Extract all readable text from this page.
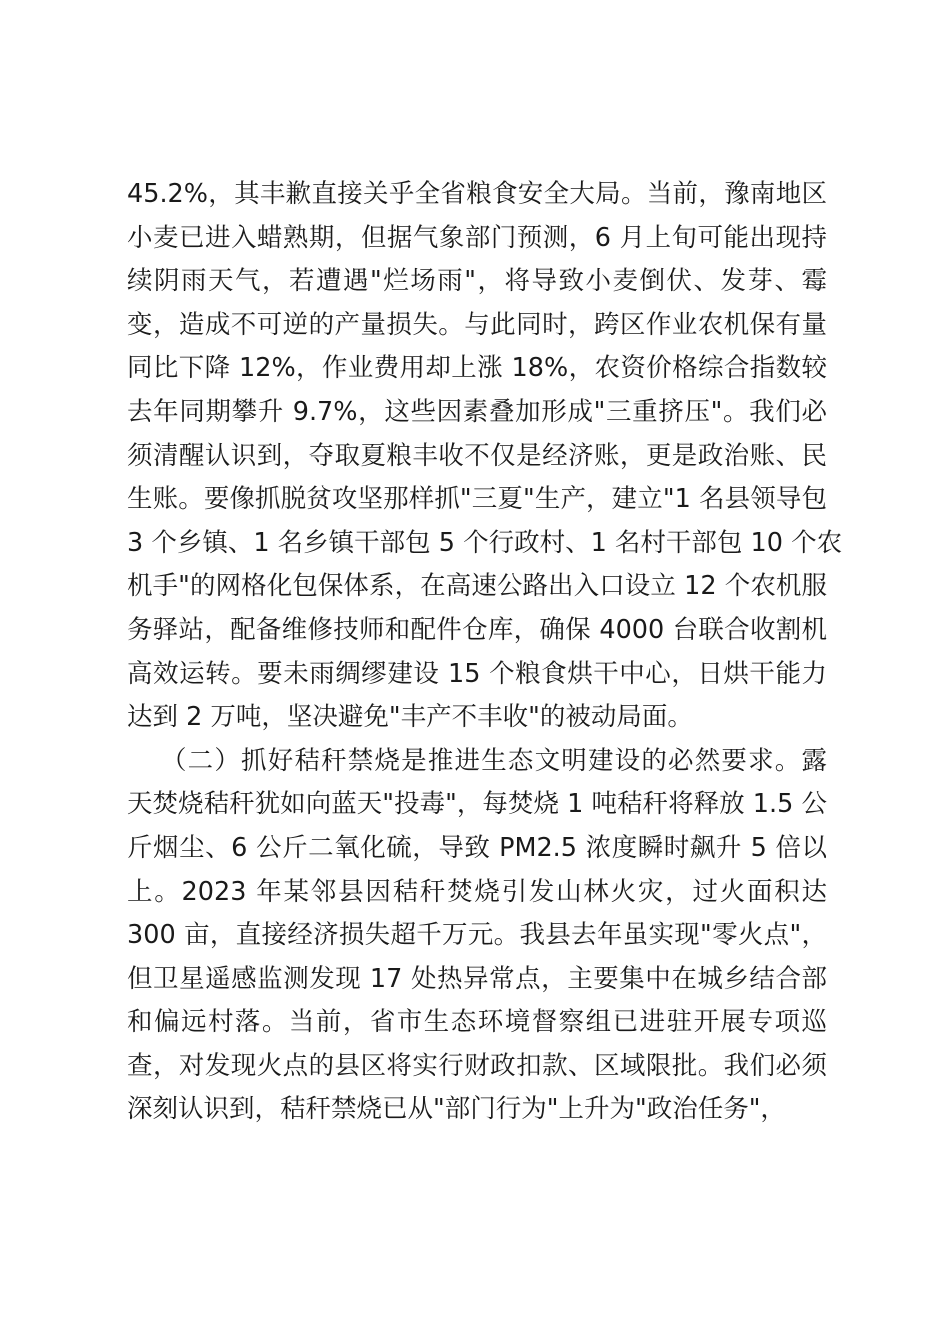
45.2%，其丰歉直接关乎全省粮食安全大局。当前，豫南地区
小麦已进入蜡熟期，但据气象部门预测，6 月上旬可能出现持
续阴雨天气，若遭遇"烂场雨"，将导致小麦倒伏、发芽、霉
变，造成不可逆的产量损失。与此同时，跨区作业农机保有量
同比下降 12%，作业费用却上涨 18%，农资价格综合指数较
去年同期攀升 9.7%，这些因素叠加形成"三重挤压"。我们必
须清醒认识到，夺取夏粮丰收不仅是经济账，更是政治账、民
生账。要像抓脱贫攻坚那样抓"三夏"生产，建立"1 名县领导包
3 个乡镇、1 名乡镇干部包 5 个行政村、1 名村干部包 10 个农
机手"的网格化包保体系，在高速公路出入口设立 12 个农机服
务驿站，配备维修技师和配件仓库，确保 4000 台联合收割机
高效运转。要未雨绸缪建设 15 个粮食烘干中心，日烘干能力
达到 2 万吨，坚决避免"丰产不丰收"的被动局面。
（二）抓好秸秆禁烧是推进生态文明建设的必然要求。露
天焚烧秸秆犹如向蓝天"投毒"，每焚烧 1 吨秸秆将释放 1.5 公
斤烟尘、6 公斤二氧化硫，导致 PM2.5 浓度瞬时飙升 5 倍以
上。2023 年某邻县因秸秆焚烧引发山林火灾，过火面积达
300 亩，直接经济损失超千万元。我县去年虽实现"零火点"，
但卫星遥感监测发现 17 处热异常点，主要集中在城乡结合部
和偏远村落。当前，省市生态环境督察组已进驻开展专项巡
查，对发现火点的县区将实行财政扣款、区域限批。我们必须
深刻认识到，秸秆禁烧已从"部门行为"上升为"政治任务"，
